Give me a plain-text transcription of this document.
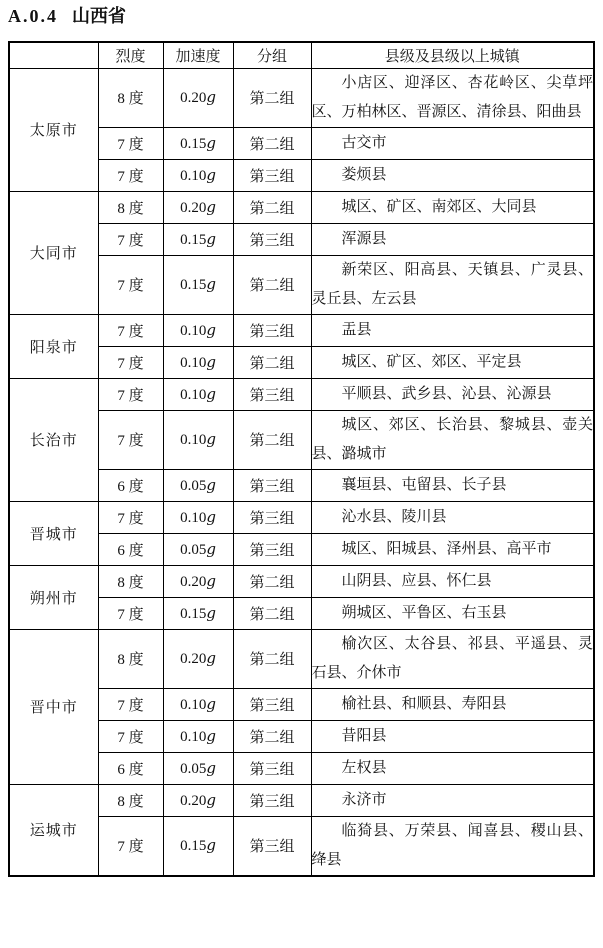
A.0.4 山西省
	烈度	加速度	分组	县级及县级以上城镇
太原市	8 度	0.20g	第二组	小店区、迎泽区、杏花岭区、尖草坪区、万柏林区、晋源区、清徐县、阳曲县
	7 度	0.15g	第二组	古交市
	7 度	0.10g	第三组	娄烦县
大同市	8 度	0.20g	第二组	城区、矿区、南郊区、大同县
	7 度	0.15g	第三组	浑源县
	7 度	0.15g	第二组	新荣区、阳高县、天镇县、广灵县、灵丘县、左云县
阳泉市	7 度	0.10g	第三组	盂县
	7 度	0.10g	第二组	城区、矿区、郊区、平定县
长治市	7 度	0.10g	第三组	平顺县、武乡县、沁县、沁源县
	7 度	0.10g	第二组	城区、郊区、长治县、黎城县、壶关县、潞城市
	6 度	0.05g	第三组	襄垣县、屯留县、长子县
晋城市	7 度	0.10g	第三组	沁水县、陵川县
	6 度	0.05g	第三组	城区、阳城县、泽州县、高平市
朔州市	8 度	0.20g	第二组	山阴县、应县、怀仁县
	7 度	0.15g	第二组	朔城区、平鲁区、右玉县
晋中市	8 度	0.20g	第二组	榆次区、太谷县、祁县、平遥县、灵石县、介休市
	7 度	0.10g	第三组	榆社县、和顺县、寿阳县
	7 度	0.10g	第二组	昔阳县
	6 度	0.05g	第三组	左权县
运城市	8 度	0.20g	第三组	永济市
	7 度	0.15g	第三组	临猗县、万荣县、闻喜县、稷山县、绛县
